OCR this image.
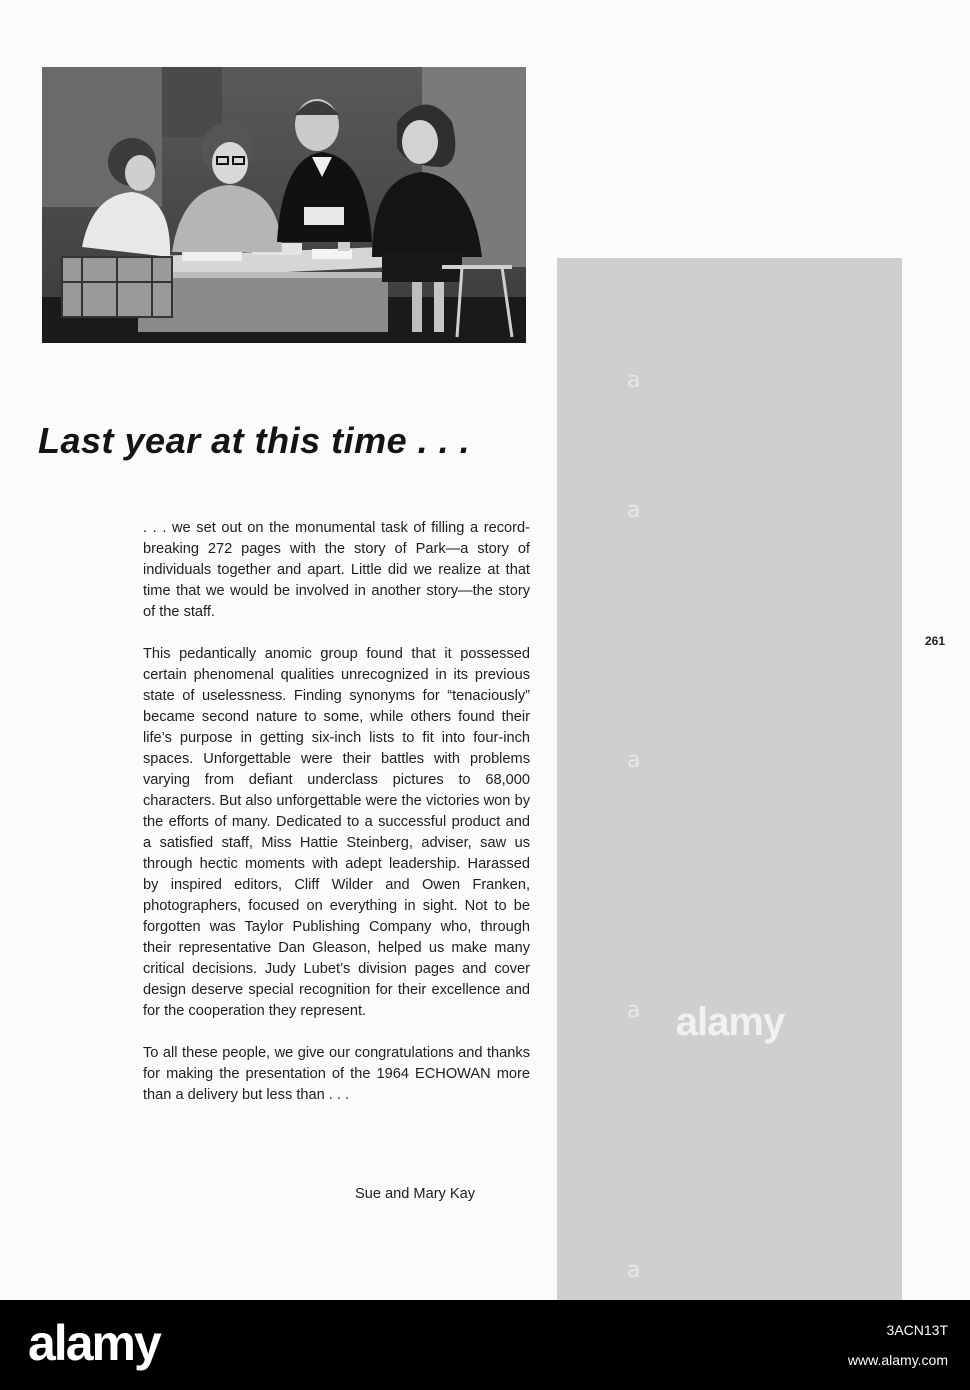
a
a
a
a
a
alamy
Last year at this time . . .

. . . we set out on the monumental task of filling a record-breaking 272 pages with the story of Park—a story of individuals together and apart. Little did we realize at that time that we would be involved in another story—the story of the staff.

This pedantically anomic group found that it possessed certain phenomenal qualities unrecognized in its previous state of uselessness. Finding synonyms for “tenaciously” became second nature to some, while others found their life’s purpose in getting six-inch lists to fit into four-inch spaces. Unforgettable were their battles with problems varying from defiant underclass pictures to 68,000 characters. But also unforgettable were the victories won by the efforts of many. Dedicated to a successful product and a satisfied staff, Miss Hattie Steinberg, adviser, saw us through hectic moments with adept leadership. Harassed by inspired editors, Cliff Wilder and Owen Franken, photographers, focused on everything in sight. Not to be forgotten was Taylor Publishing Company who, through their representative Dan Gleason, helped us make many critical decisions. Judy Lubet’s division pages and cover design deserve special recognition for their excellence and for the cooperation they represent.

To all these people, we give our congratulations and thanks for making the presentation of the 1964 ECHOWAN more than a delivery but less than . . .

Sue and Mary Kay
261
alamy	3ACN13T
www.alamy.com
